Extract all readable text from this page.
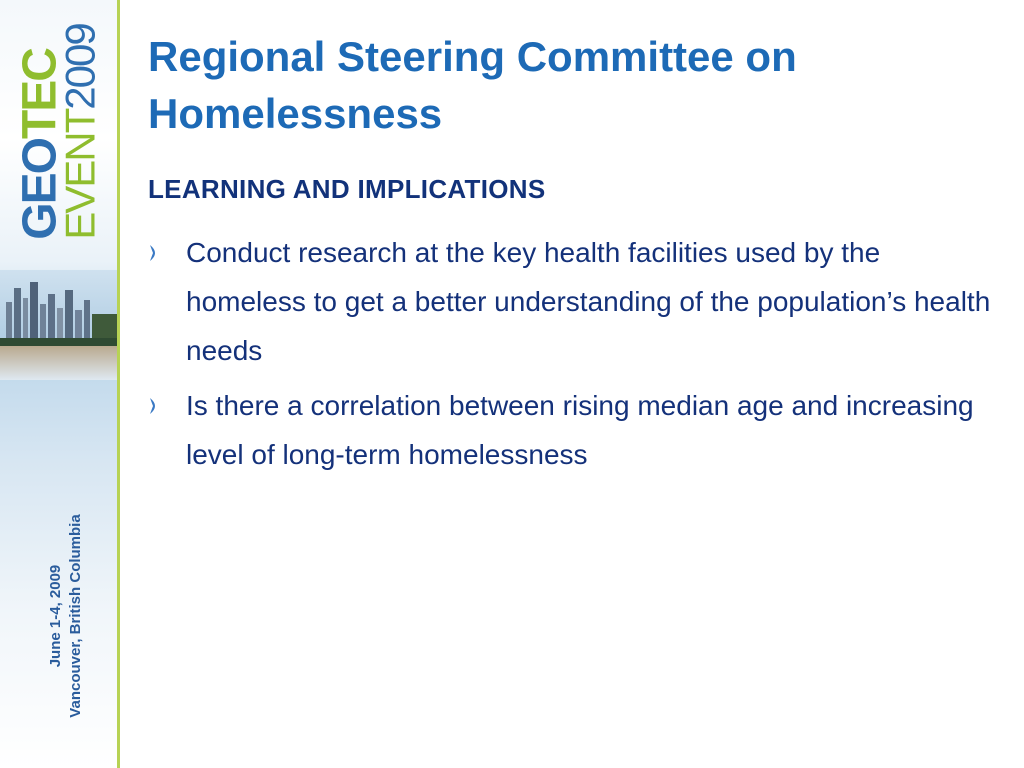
GEOTEC
EVENT2009
June 1-4, 2009 Vancouver, British Columbia
Regional Steering Committee on Homelessness
LEARNING AND IMPLICATIONS
Conduct research at the key health facilities used by the homeless to get a better understanding of the population’s health needs
Is there a correlation between rising median age and increasing level of long-term homelessness
